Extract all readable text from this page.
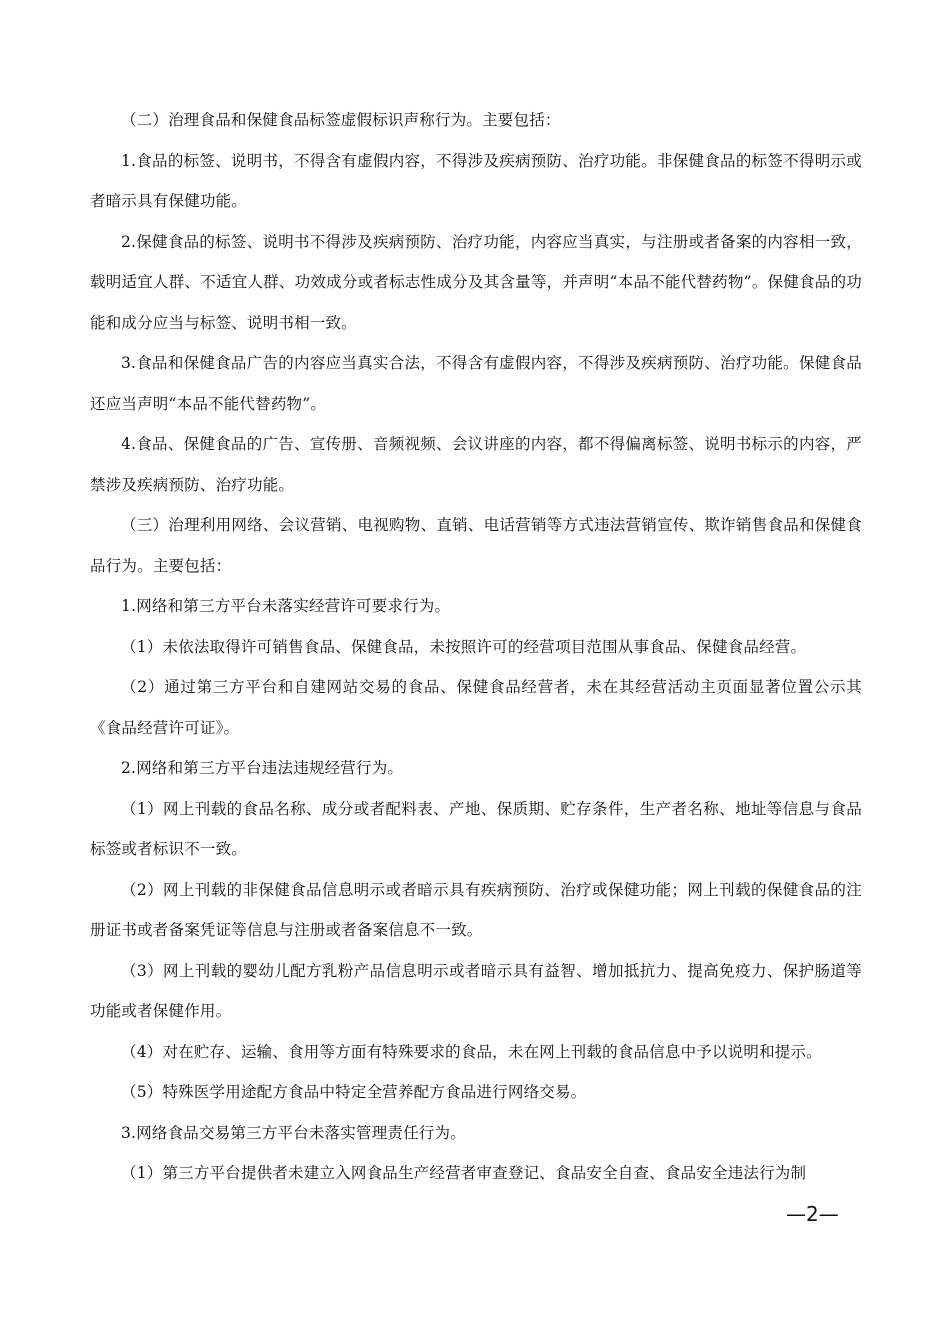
（二）治理食品和保健食品标签虚假标识声称行为。主要包括：

1.食品的标签、说明书，不得含有虚假内容，不得涉及疾病预防、治疗功能。非保健食品的标签不得明示或者暗示具有保健功能。

2.保健食品的标签、说明书不得涉及疾病预防、治疗功能，内容应当真实，与注册或者备案的内容相一致，载明适宜人群、不适宜人群、功效成分或者标志性成分及其含量等，并声明“本品不能代替药物”。保健食品的功能和成分应当与标签、说明书相一致。

3.食品和保健食品广告的内容应当真实合法，不得含有虚假内容，不得涉及疾病预防、治疗功能。保健食品还应当声明“本品不能代替药物”。

4.食品、保健食品的广告、宣传册、音频视频、会议讲座的内容，都不得偏离标签、说明书标示的内容，严禁涉及疾病预防、治疗功能。

（三）治理利用网络、会议营销、电视购物、直销、电话营销等方式违法营销宣传、欺诈销售食品和保健食品行为。主要包括：

1.网络和第三方平台未落实经营许可要求行为。

（1）未依法取得许可销售食品、保健食品，未按照许可的经营项目范围从事食品、保健食品经营。

（2）通过第三方平台和自建网站交易的食品、保健食品经营者，未在其经营活动主页面显著位置公示其《食品经营许可证》。

2.网络和第三方平台违法违规经营行为。

（1）网上刊载的食品名称、成分或者配料表、产地、保质期、贮存条件，生产者名称、地址等信息与食品标签或者标识不一致。

（2）网上刊载的非保健食品信息明示或者暗示具有疾病预防、治疗或保健功能；网上刊载的保健食品的注册证书或者备案凭证等信息与注册或者备案信息不一致。

（3）网上刊载的婴幼儿配方乳粉产品信息明示或者暗示具有益智、增加抵抗力、提高免疫力、保护肠道等功能或者保健作用。

（4）对在贮存、运输、食用等方面有特殊要求的食品，未在网上刊载的食品信息中予以说明和提示。

（5）特殊医学用途配方食品中特定全营养配方食品进行网络交易。

3.网络食品交易第三方平台未落实管理责任行为。

（1）第三方平台提供者未建立入网食品生产经营者审查登记、食品安全自查、食品安全违法行为制

—2—
